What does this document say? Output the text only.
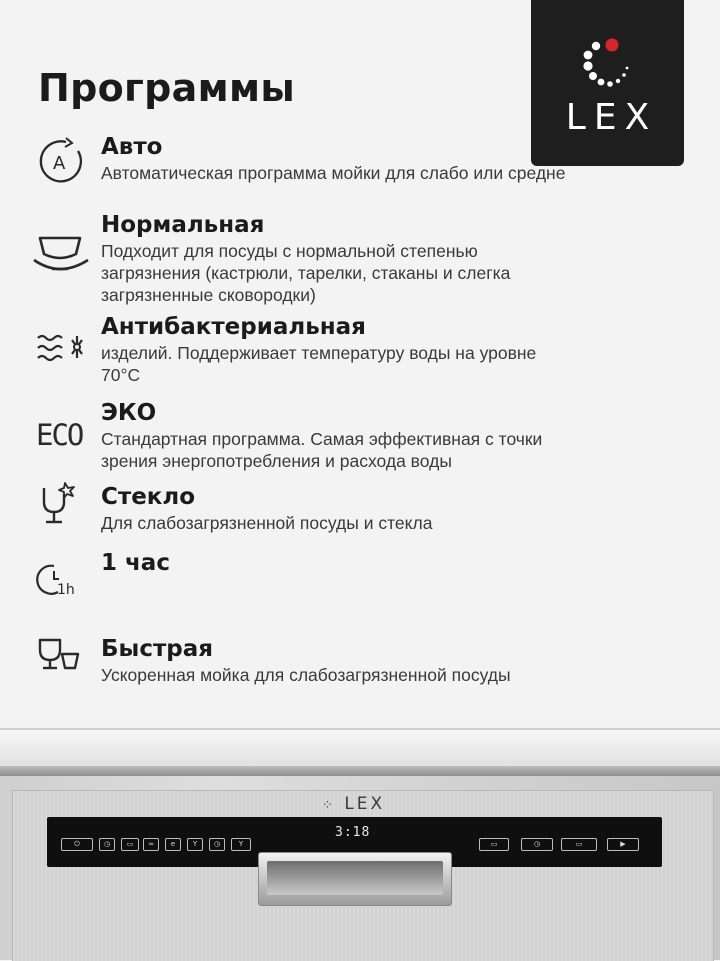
Программы
LEX
A
Авто
Автоматическая программа мойки для слабо или средне
Нормальная
Подходит для посуды с нормальной степенью загрязнения (кастрюли, тарелки, стаканы и слегка загрязненные сковородки)
Антибактериальная
изделий. Поддерживает температуру воды на уровне 70°C
ECO
ЭКО
Стандартная программа. Самая эффективная с точки зрения энергопотребления и расхода воды
Стекло
Для слабозагрязненной посуды и стекла
1h
1 час
Быстрая
Ускоренная мойка для слабозагрязненной посуды
⁘ LEX
⏻	◷	▭	≈	e	Y	◷	Y
3:18
▭	◷	▭	▶
